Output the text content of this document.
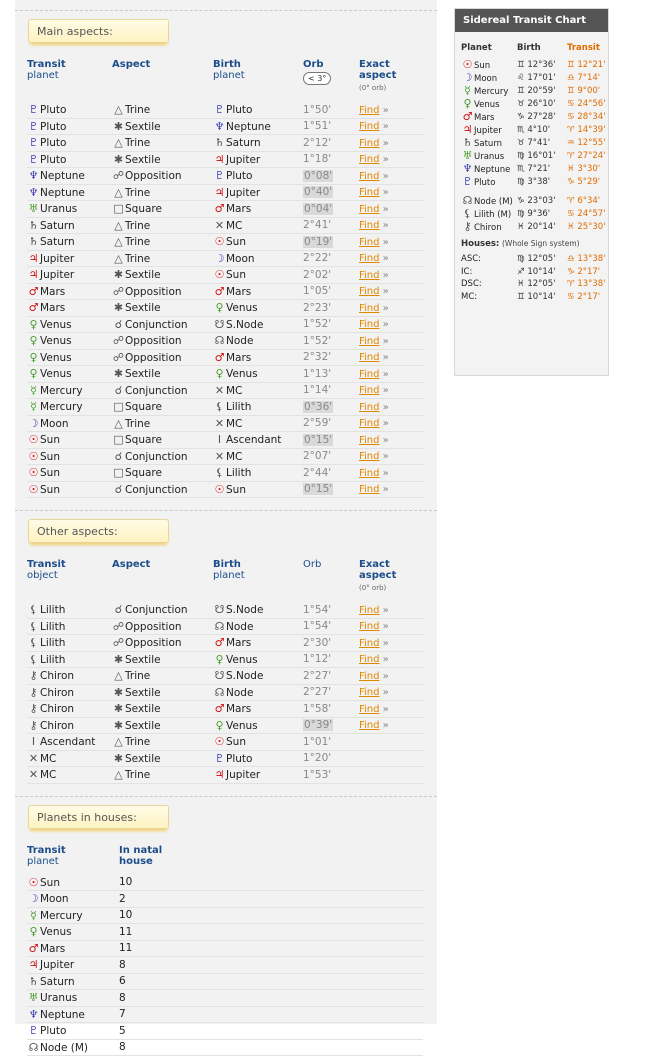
Main aspects:
Transit
planet	Aspect	Birth
planet	Orb
< 3°	Exact
aspect
(0° orb)

♇ Pluto	△ Trine	♇ Pluto	1°50'	Find »
♇ Pluto	✱ Sextile	♆ Neptune	1°51'	Find »
♇ Pluto	△ Trine	♄ Saturn	2°12'	Find »
♇ Pluto	✱ Sextile	♃ Jupiter	1°18'	Find »
♆ Neptune	☍Opposition	♇ Pluto	0°08'	Find »
♆ Neptune	△ Trine	♃ Jupiter	0°40'	Find »
♅ Uranus	□Square	♂ Mars	0°04'	Find »
♄ Saturn	△ Trine	✕ MC	2°41'	Find »
♄ Saturn	△ Trine	☉ Sun	0°19'	Find »
♃ Jupiter	△ Trine	☽ Moon	2°22'	Find »
♃ Jupiter	✱ Sextile	☉ Sun	2°02'	Find »
♂ Mars	☍Opposition	♂ Mars	1°05'	Find »
♂ Mars	✱ Sextile	♀ Venus	2°23'	Find »
♀ Venus	☌ Conjunction	☋ S.Node	1°52'	Find »
♀ Venus	☍Opposition	☊ Node	1°52'	Find »
♀ Venus	☍Opposition	♂ Mars	2°32'	Find »
♀ Venus	✱ Sextile	♀ Venus	1°13'	Find »
☿ Mercury	☌ Conjunction	✕ MC	1°14'	Find »
☿ Mercury	□Square	⚸ Lilith	0°36'	Find »
☽ Moon	△ Trine	✕ MC	2°59'	Find »
☉ Sun	□Square	Ι Ascendant	0°15'	Find »
☉ Sun	☌ Conjunction	✕ MC	2°07'	Find »
☉ Sun	□Square	⚸ Lilith	2°44'	Find »
☉ Sun	☌ Conjunction	☉ Sun	0°15'	Find »
Other aspects:
Transit
object	Aspect	Birth
planet	Orb	Exact
aspect
(0° orb)

⚸ Lilith	☌ Conjunction	☋ S.Node	1°54'	Find »
⚸ Lilith	☍Opposition	☊ Node	1°54'	Find »
⚸ Lilith	☍Opposition	♂ Mars	2°30'	Find »
⚸ Lilith	✱ Sextile	♀ Venus	1°12'	Find »
⚷ Chiron	△ Trine	☋ S.Node	2°27'	Find »
⚷ Chiron	✱ Sextile	☊ Node	2°27'	Find »
⚷ Chiron	✱ Sextile	♂ Mars	1°58'	Find »
⚷ Chiron	✱ Sextile	♀ Venus	0°39'	Find »
Ι Ascendant	△ Trine	☉ Sun	1°01'	
✕ MC	✱ Sextile	♇ Pluto	1°20'	
✕ MC	△ Trine	♃ Jupiter	1°53'	
Planets in houses:
Transit
planet	In natal
house

☉ Sun	10
☽ Moon	2
☿ Mercury	10
♀ Venus	11
♂ Mars	11
♃ Jupiter	8
♄ Saturn	6
♅ Uranus	8
♆ Neptune	7
♇ Pluto	5
☊ Node (M)	8
Sidereal Transit Chart
Planet	Birth	Transit
☉ Sun	♊ 12°36'	♊ 12°21'
☽ Moon	♌ 17°01'	♎ 7°14'
☿ Mercury	♊ 20°59'	♊ 9°00'
♀ Venus	♉ 26°10'	♋ 24°56'
♂ Mars	♑ 27°28'	♋ 28°34'
♃ Jupiter	♏ 4°10'	♈ 14°39'
♄ Saturn	♉ 7°41'	♒ 12°55'
♅ Uranus	♍ 16°01'	♈ 27°24'
♆ Neptune	♏ 7°21'	♓ 3°30'
♇ Pluto	♍ 3°38'	♑ 5°29'

☊ Node (M)	♑ 23°03'	♈ 6°34'
⚸ Lilith (M)	♍ 9°36'	♋ 24°57'
⚷ Chiron	♓ 20°14'	♓ 25°30'
Houses: (Whole Sign system)
ASC:	♍ 12°05'	♎ 13°38'
IC:	♐ 10°14'	♑ 2°17'
DSC:	♓ 12°05'	♈ 13°38'
MC:	♊ 10°14'	♋ 2°17'
